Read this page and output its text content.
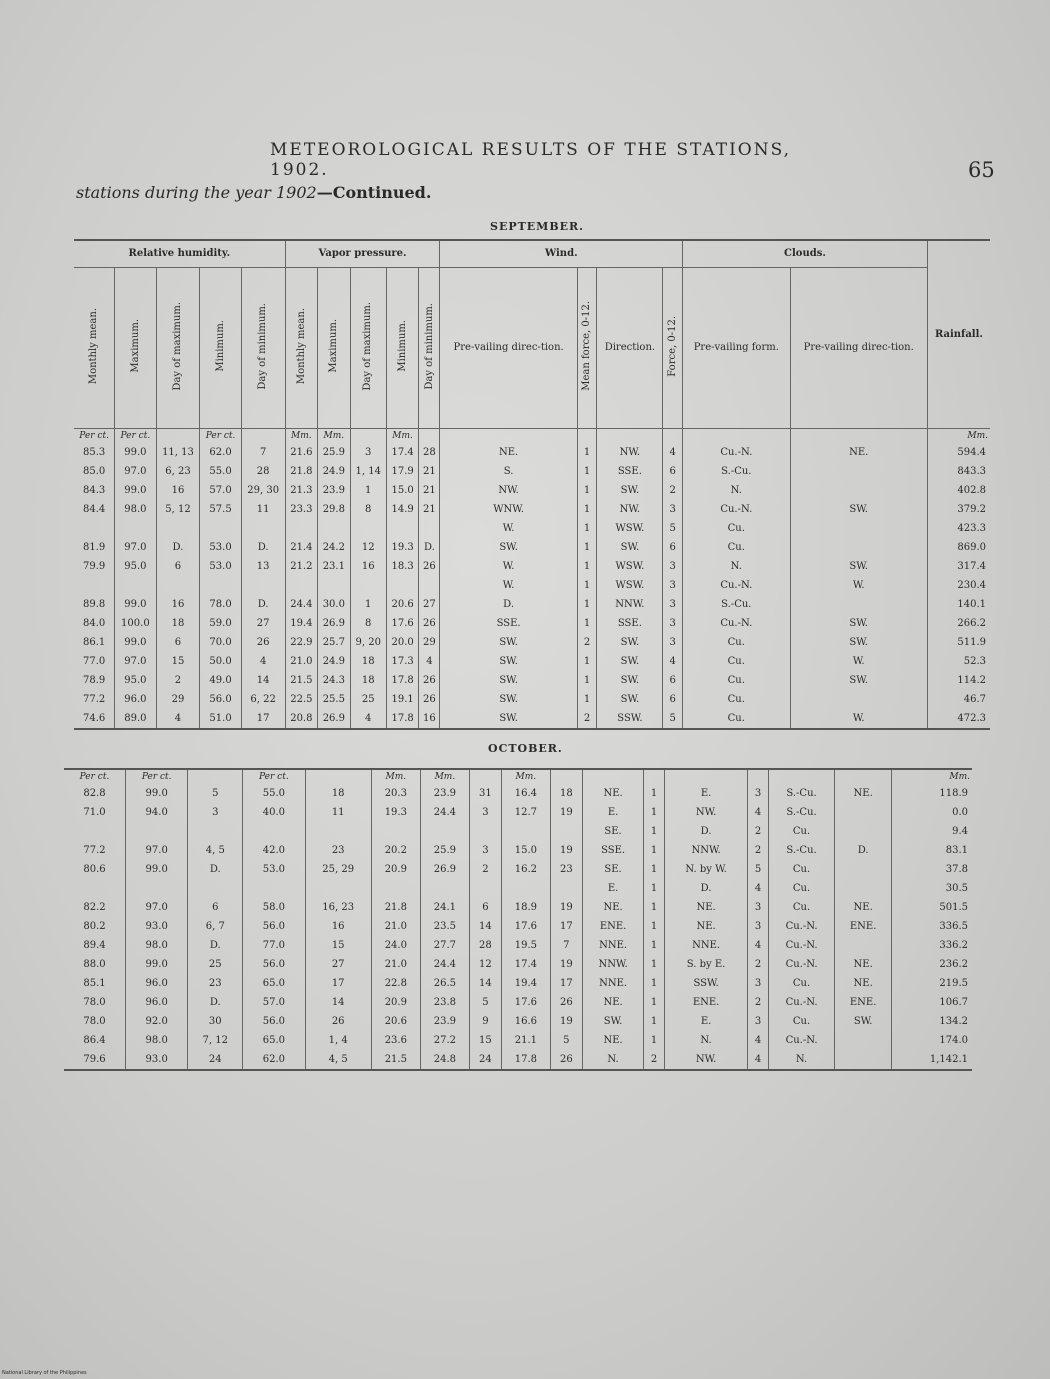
METEOROLOGICAL RESULTS OF THE STATIONS, 1902.	65
stations during the year 1902—Continued.
SEPTEMBER.
Relative humidity.					Vapor pressure.					Wind.				Clouds.		Rainfall.
Monthly mean.	Maximum.	Day of maximum.	Minimum.	Day of minimum.	Monthly mean.	Maximum.	Day of maximum.	Minimum.	Day of minimum.	Pre-vailing direc-tion.	Mean force, 0-12.	Direction.	Force, 0-12.	Pre-vailing form.	Pre-vailing direc-tion.	
Per ct.	Per ct.		Per ct.		Mm.	Mm.		Mm.								Mm.
85.3	99.0	11, 13	62.0	7	21.6	25.9	3	17.4	28	NE.	1	NW.	4	Cu.-N.	NE.	594.4
85.0	97.0	6, 23	55.0	28	21.8	24.9	1, 14	17.9	21	S.	1	SSE.	6	S.-Cu.		843.3
84.3	99.0	16	57.0	29, 30	21.3	23.9	1	15.0	21	NW.	1	SW.	2	N.		402.8
84.4	98.0	5, 12	57.5	11	23.3	29.8	8	14.9	21	WNW.	1	NW.	3	Cu.-N.	SW.	379.2
										W.	1	WSW.	5	Cu.		423.3
81.9	97.0	D.	53.0	D.	21.4	24.2	12	19.3	D.	SW.	1	SW.	6	Cu.		869.0
79.9	95.0	6	53.0	13	21.2	23.1	16	18.3	26	W.	1	WSW.	3	N.	SW.	317.4
										W.	1	WSW.	3	Cu.-N.	W.	230.4
89.8	99.0	16	78.0	D.	24.4	30.0	1	20.6	27	D.	1	NNW.	3	S.-Cu.		140.1
84.0	100.0	18	59.0	27	19.4	26.9	8	17.6	26	SSE.	1	SSE.	3	Cu.-N.	SW.	266.2
86.1	99.0	6	70.0	26	22.9	25.7	9, 20	20.0	29	SW.	2	SW.	3	Cu.	SW.	511.9
77.0	97.0	15	50.0	4	21.0	24.9	18	17.3	4	SW.	1	SW.	4	Cu.	W.	52.3
78.9	95.0	2	49.0	14	21.5	24.3	18	17.8	26	SW.	1	SW.	6	Cu.	SW.	114.2
77.2	96.0	29	56.0	6, 22	22.5	25.5	25	19.1	26	SW.	1	SW.	6	Cu.		46.7
74.6	89.0	4	51.0	17	20.8	26.9	4	17.8	16	SW.	2	SSW.	5	Cu.	W.	472.3
OCTOBER.
Per ct.	Per ct.		Per ct.		Mm.	Mm.		Mm.								Mm.
82.8	99.0	5	55.0	18	20.3	23.9	31	16.4	18	NE.	1	E.	3	S.-Cu.	NE.	118.9
71.0	94.0	3	40.0	11	19.3	24.4	3	12.7	19	E.	1	NW.	4	S.-Cu.		0.0
										SE.	1	D.	2	Cu.		9.4
77.2	97.0	4, 5	42.0	23	20.2	25.9	3	15.0	19	SSE.	1	NNW.	2	S.-Cu.	D.	83.1
80.6	99.0	D.	53.0	25, 29	20.9	26.9	2	16.2	23	SE.	1	N. by W.	5	Cu.		37.8
										E.	1	D.	4	Cu.		30.5
82.2	97.0	6	58.0	16, 23	21.8	24.1	6	18.9	19	NE.	1	NE.	3	Cu.	NE.	501.5
80.2	93.0	6, 7	56.0	16	21.0	23.5	14	17.6	17	ENE.	1	NE.	3	Cu.-N.	ENE.	336.5
89.4	98.0	D.	77.0	15	24.0	27.7	28	19.5	7	NNE.	1	NNE.	4	Cu.-N.		336.2
88.0	99.0	25	56.0	27	21.0	24.4	12	17.4	19	NNW.	1	S. by E.	2	Cu.-N.	NE.	236.2
85.1	96.0	23	65.0	17	22.8	26.5	14	19.4	17	NNE.	1	SSW.	3	Cu.	NE.	219.5
78.0	96.0	D.	57.0	14	20.9	23.8	5	17.6	26	NE.	1	ENE.	2	Cu.-N.	ENE.	106.7
78.0	92.0	30	56.0	26	20.6	23.9	9	16.6	19	SW.	1	E.	3	Cu.	SW.	134.2
86.4	98.0	7, 12	65.0	1, 4	23.6	27.2	15	21.1	5	NE.	1	N.	4	Cu.-N.		174.0
79.6	93.0	24	62.0	4, 5	21.5	24.8	24	17.8	26	N.	2	NW.	4	N.		1,142.1
National Library of the Philippines
